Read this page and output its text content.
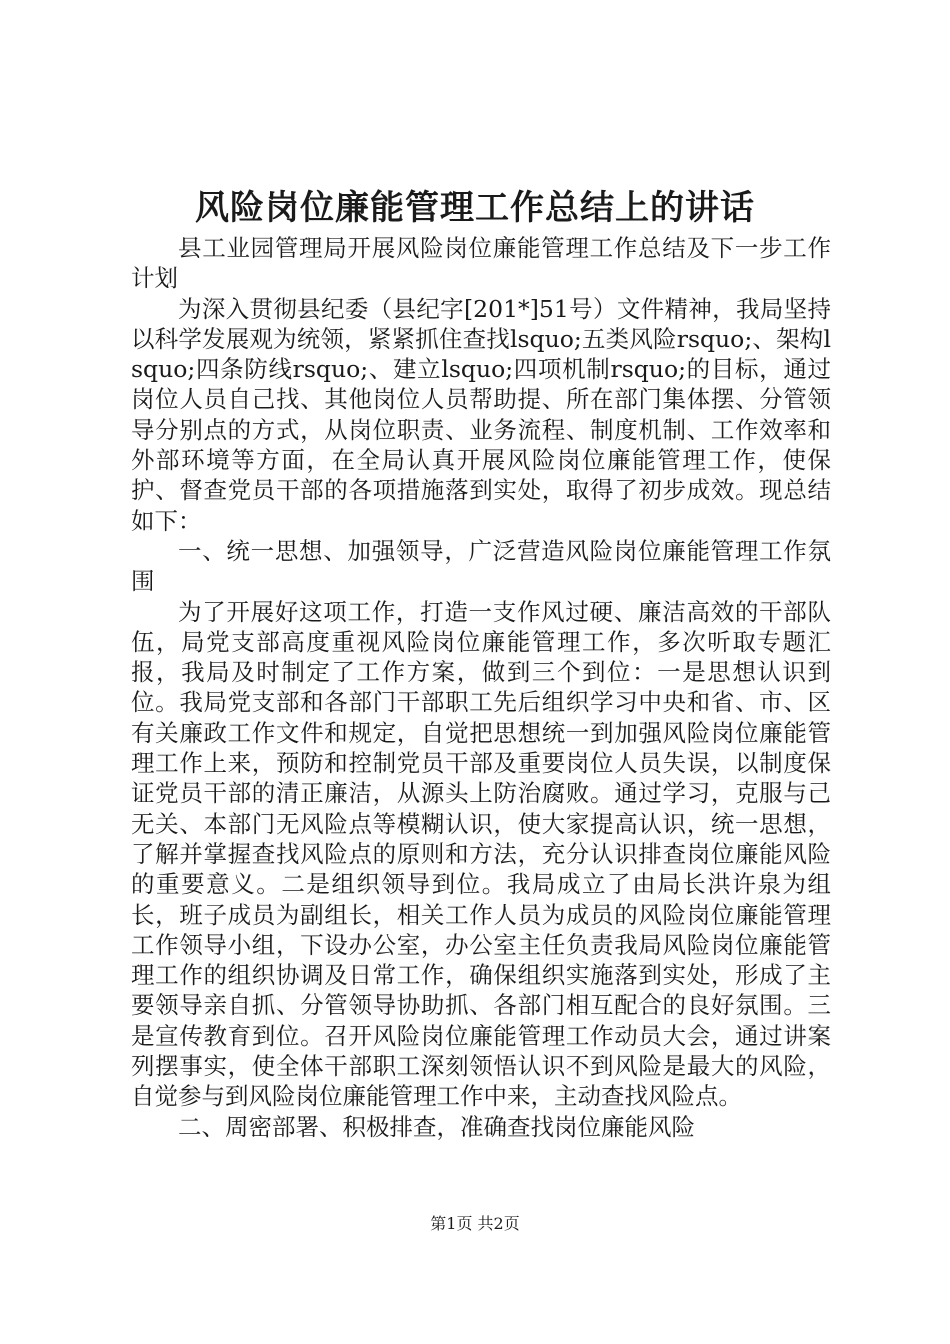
风险岗位廉能管理工作总结上的讲话

县工业园管理局开展风险岗位廉能管理工作总结及下一步工作计划

为深入贯彻县纪委（县纪字[201*]51号）文件精神，我局坚持以科学发展观为统领，紧紧抓住查找lsquo;五类风险rsquo;、架构lsquo;四条防线rsquo;、建立lsquo;四项机制rsquo;的目标，通过岗位人员自己找、其他岗位人员帮助提、所在部门集体摆、分管领导分别点的方式，从岗位职责、业务流程、制度机制、工作效率和外部环境等方面，在全局认真开展风险岗位廉能管理工作，使保护、督查党员干部的各项措施落到实处，取得了初步成效。现总结如下：

一、统一思想、加强领导，广泛营造风险岗位廉能管理工作氛围

为了开展好这项工作，打造一支作风过硬、廉洁高效的干部队伍，局党支部高度重视风险岗位廉能管理工作，多次听取专题汇报，我局及时制定了工作方案，做到三个到位：一是思想认识到位。我局党支部和各部门干部职工先后组织学习中央和省、市、区有关廉政工作文件和规定，自觉把思想统一到加强风险岗位廉能管理工作上来，预防和控制党员干部及重要岗位人员失误，以制度保证党员干部的清正廉洁，从源头上防治腐败。通过学习，克服与己无关、本部门无风险点等模糊认识，使大家提高认识，统一思想，了解并掌握查找风险点的原则和方法，充分认识排查岗位廉能风险的重要意义。二是组织领导到位。我局成立了由局长洪许泉为组长，班子成员为副组长，相关工作人员为成员的风险岗位廉能管理工作领导小组，下设办公室，办公室主任负责我局风险岗位廉能管理工作的组织协调及日常工作，确保组织实施落到实处，形成了主要领导亲自抓、分管领导协助抓、各部门相互配合的良好氛围。三是宣传教育到位。召开风险岗位廉能管理工作动员大会，通过讲案列摆事实，使全体干部职工深刻领悟认识不到风险是最大的风险，自觉参与到风险岗位廉能管理工作中来，主动查找风险点。

二、周密部署、积极排查，准确查找岗位廉能风险

第1页 共2页
